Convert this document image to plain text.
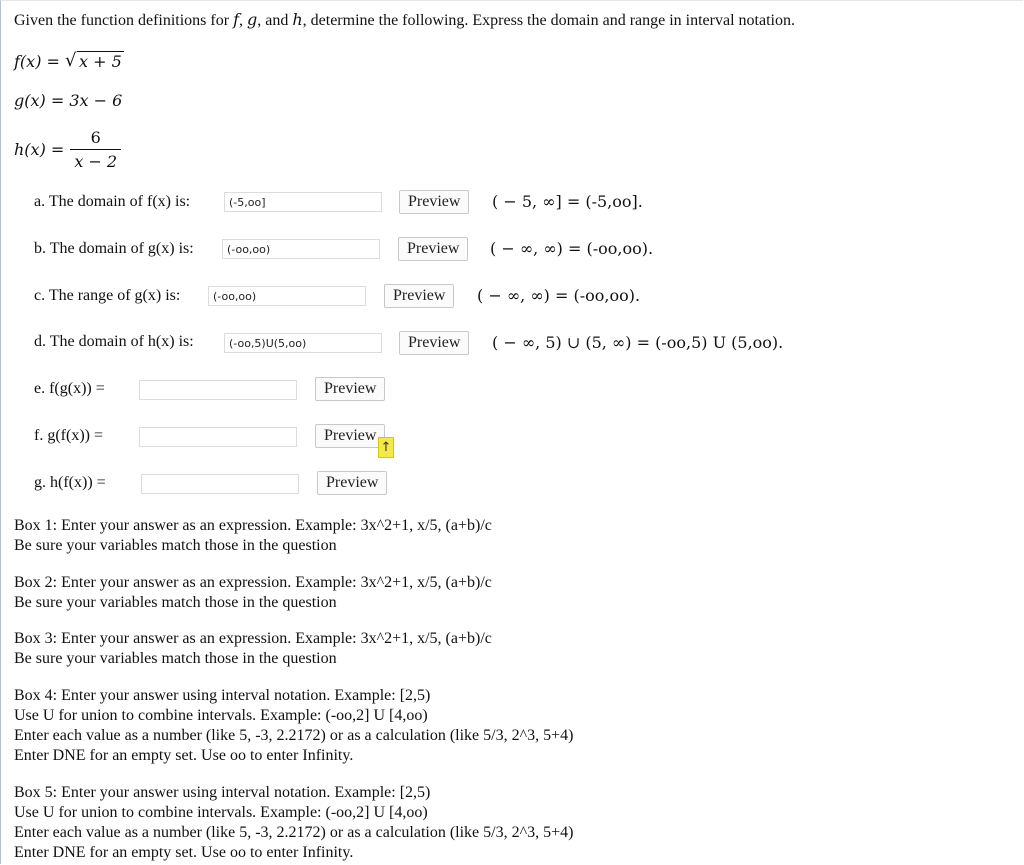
Given the function definitions for f, g, and h, determine the following. Express the domain and range in interval notation.
f(x) = √ x + 5
g(x) = 3x − 6
$h(x) = \frac{6}{x - 2}$
a. The domain of f(x) is:
(-5,oo]	Preview	( − 5, ∞] = (-5,oo].
b. The domain of g(x) is:
(-oo,oo)	Preview	( − ∞, ∞) = (-oo,oo).
c. The range of g(x) is:
(-oo,oo)	Preview	( − ∞, ∞) = (-oo,oo).
d. The domain of h(x) is:
(-oo,5)U(5,oo)	Preview	( − ∞, 5) ∪ (5, ∞) = (-oo,5) U (5,oo).
e. f(g(x)) =	Preview
f. g(f(x)) =	Preview
↑
g. h(f(x)) =	Preview

Box 1: Enter your answer as an expression. Example: 3x^2+1, x/5, (a+b)/c

Be sure your variables match those in the question

Box 2: Enter your answer as an expression. Example: 3x^2+1, x/5, (a+b)/c

Be sure your variables match those in the question

Box 3: Enter your answer as an expression. Example: 3x^2+1, x/5, (a+b)/c

Be sure your variables match those in the question

Box 4: Enter your answer using interval notation. Example: [2,5)

Use U for union to combine intervals. Example: (-oo,2] U [4,oo)

Enter each value as a number (like 5, -3, 2.2172) or as a calculation (like 5/3, 2^3, 5+4)

Enter DNE for an empty set. Use oo to enter Infinity.

Box 5: Enter your answer using interval notation. Example: [2,5)

Use U for union to combine intervals. Example: (-oo,2] U [4,oo)

Enter each value as a number (like 5, -3, 2.2172) or as a calculation (like 5/3, 2^3, 5+4)

Enter DNE for an empty set. Use oo to enter Infinity.
